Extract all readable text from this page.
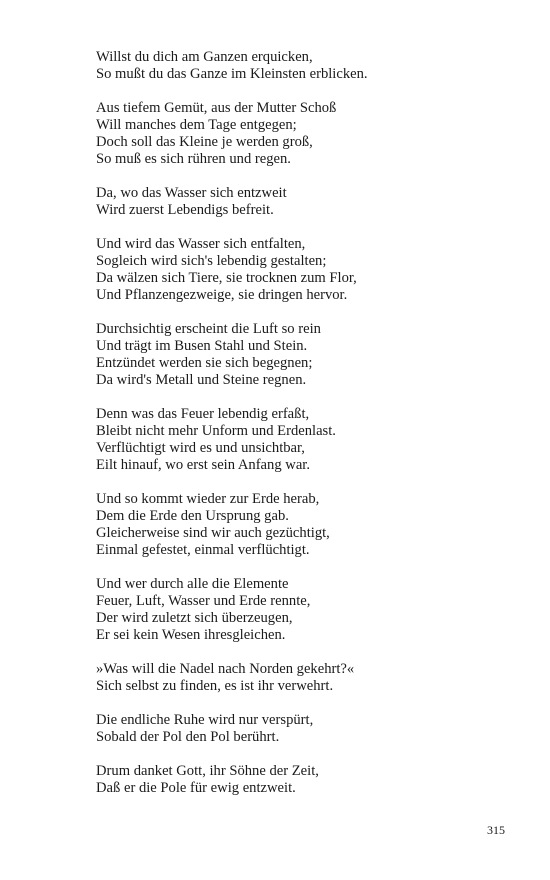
Willst du dich am Ganzen erquicken,
So mußt du das Ganze im Kleinsten erblicken.
Aus tiefem Gemüt, aus der Mutter Schoß
Will manches dem Tage entgegen;
Doch soll das Kleine je werden groß,
So muß es sich rühren und regen.
Da, wo das Wasser sich entzweit
Wird zuerst Lebendigs befreit.
Und wird das Wasser sich entfalten,
Sogleich wird sich's lebendig gestalten;
Da wälzen sich Tiere, sie trocknen zum Flor,
Und Pflanzengezweige, sie dringen hervor.
Durchsichtig erscheint die Luft so rein
Und trägt im Busen Stahl und Stein.
Entzündet werden sie sich begegnen;
Da wird's Metall und Steine regnen.
Denn was das Feuer lebendig erfaßt,
Bleibt nicht mehr Unform und Erdenlast.
Verflüchtigt wird es und unsichtbar,
Eilt hinauf, wo erst sein Anfang war.
Und so kommt wieder zur Erde herab,
Dem die Erde den Ursprung gab.
Gleicherweise sind wir auch gezüchtigt,
Einmal gefestet, einmal verflüchtigt.
Und wer durch alle die Elemente
Feuer, Luft, Wasser und Erde rennte,
Der wird zuletzt sich überzeugen,
Er sei kein Wesen ihresgleichen.
»Was will die Nadel nach Norden gekehrt?«
Sich selbst zu finden, es ist ihr verwehrt.
Die endliche Ruhe wird nur verspürt,
Sobald der Pol den Pol berührt.
Drum danket Gott, ihr Söhne der Zeit,
Daß er die Pole für ewig entzweit.
315
